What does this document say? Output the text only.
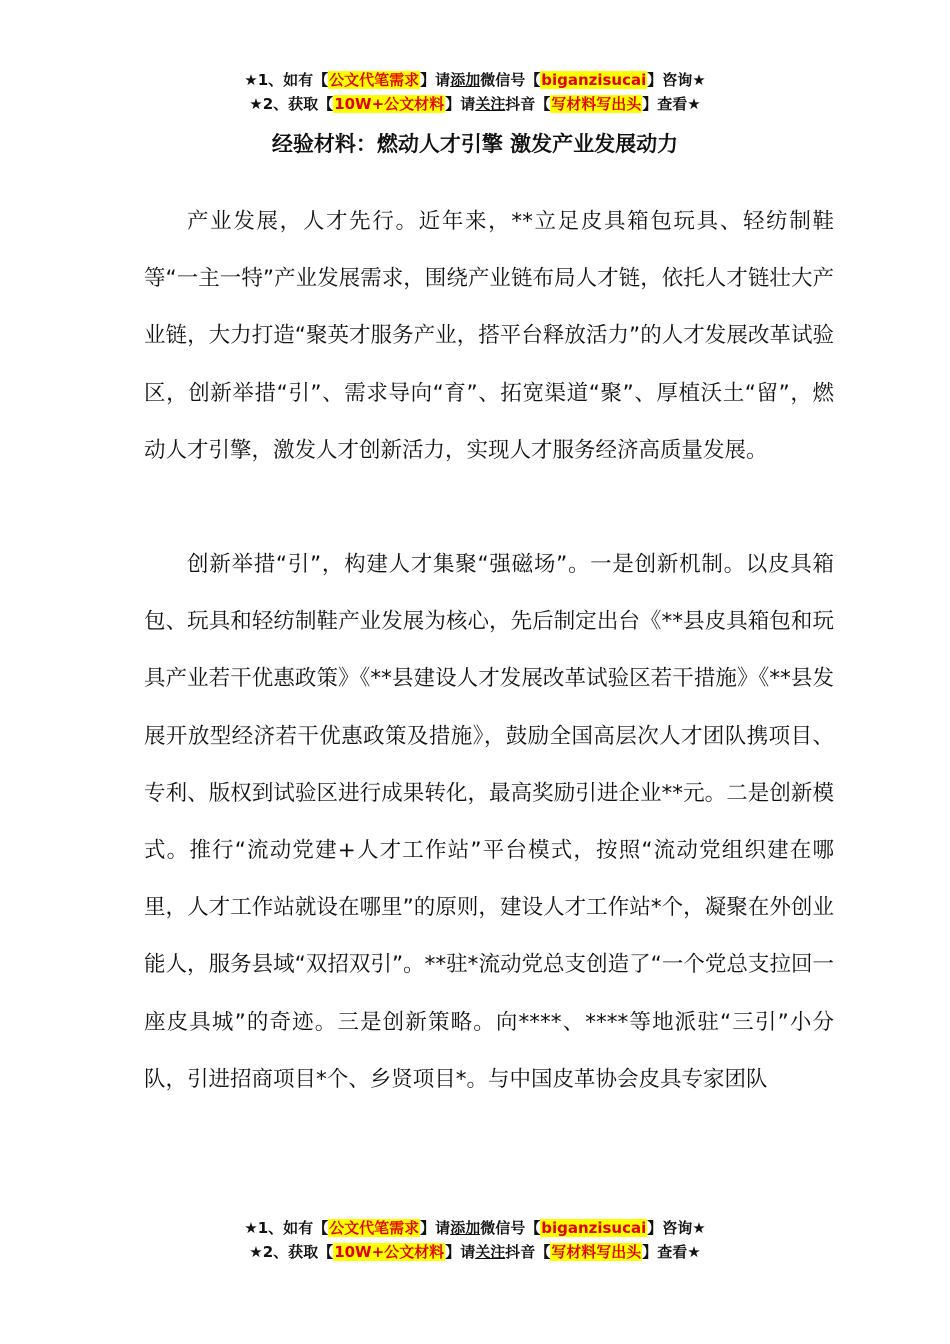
★1、如有【公文代笔需求】请添加微信号【biganzisucai】咨询★
★2、获取【10W+公文材料】请关注抖音【写材料写出头】查看★
经验材料：燃动人才引擎 激发产业发展动力

产业发展，人才先行。近年来，**立足皮具箱包玩具、轻纺制鞋等“一主一特”产业发展需求，围绕产业链布局人才链，依托人才链壮大产业链，大力打造“聚英才服务产业，搭平台释放活力”的人才发展改革试验区，创新举措“引”、需求导向“育”、拓宽渠道“聚”、厚植沃土“留”，燃动人才引擎，激发人才创新活力，实现人才服务经济高质量发展。

创新举措“引”，构建人才集聚“强磁场”。一是创新机制。以皮具箱包、玩具和轻纺制鞋产业发展为核心，先后制定出台《**县皮具箱包和玩具产业若干优惠政策》《**县建设人才发展改革试验区若干措施》《**县发展开放型经济若干优惠政策及措施》，鼓励全国高层次人才团队携项目、专利、版权到试验区进行成果转化，最高奖励引进企业**元。二是创新模式。推行“流动党建+人才工作站”平台模式，按照“流动党组织建在哪里，人才工作站就设在哪里”的原则，建设人才工作站*个，凝聚在外创业能人，服务县域“双招双引”。**驻*流动党总支创造了“一个党总支拉回一座皮具城”的奇迹。三是创新策略。向****、****等地派驻“三引”小分队，引进招商项目*个、乡贤项目*。与中国皮革协会皮具专家团队

★1、如有【公文代笔需求】请添加微信号【biganzisucai】咨询★
★2、获取【10W+公文材料】请关注抖音【写材料写出头】查看★
